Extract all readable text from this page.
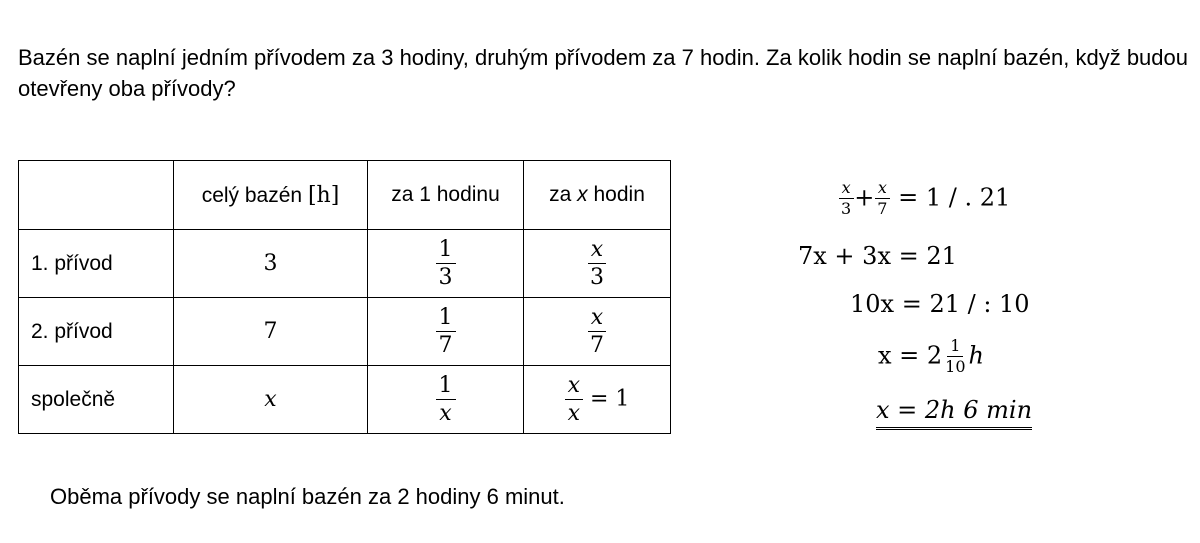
Bazén se naplní jedním přívodem za 3 hodiny, druhým přívodem za 7 hodin. Za kolik hodin se naplní bazén, když budou otevřeny oba přívody?
	celý bazén [h]	za 1 hodinu	za x hodin
1. přívod	3	$\frac{1}{3}$	$\frac{x}{3}$

2. přívod	7	$\frac{1}{7}$	$\frac{x}{7}$

společně	x	$\frac{1}{x}$	$\frac{x}{x} = 1$
$\frac{x}{3} + \frac{x}{7} = 1$ / . 21
7x + 3x = 21
10x = 21 / : 10
$x = 2 \frac{1}{10}$ h
x = 2h 6 min
Oběma přívody se naplní bazén za 2 hodiny 6 minut.
